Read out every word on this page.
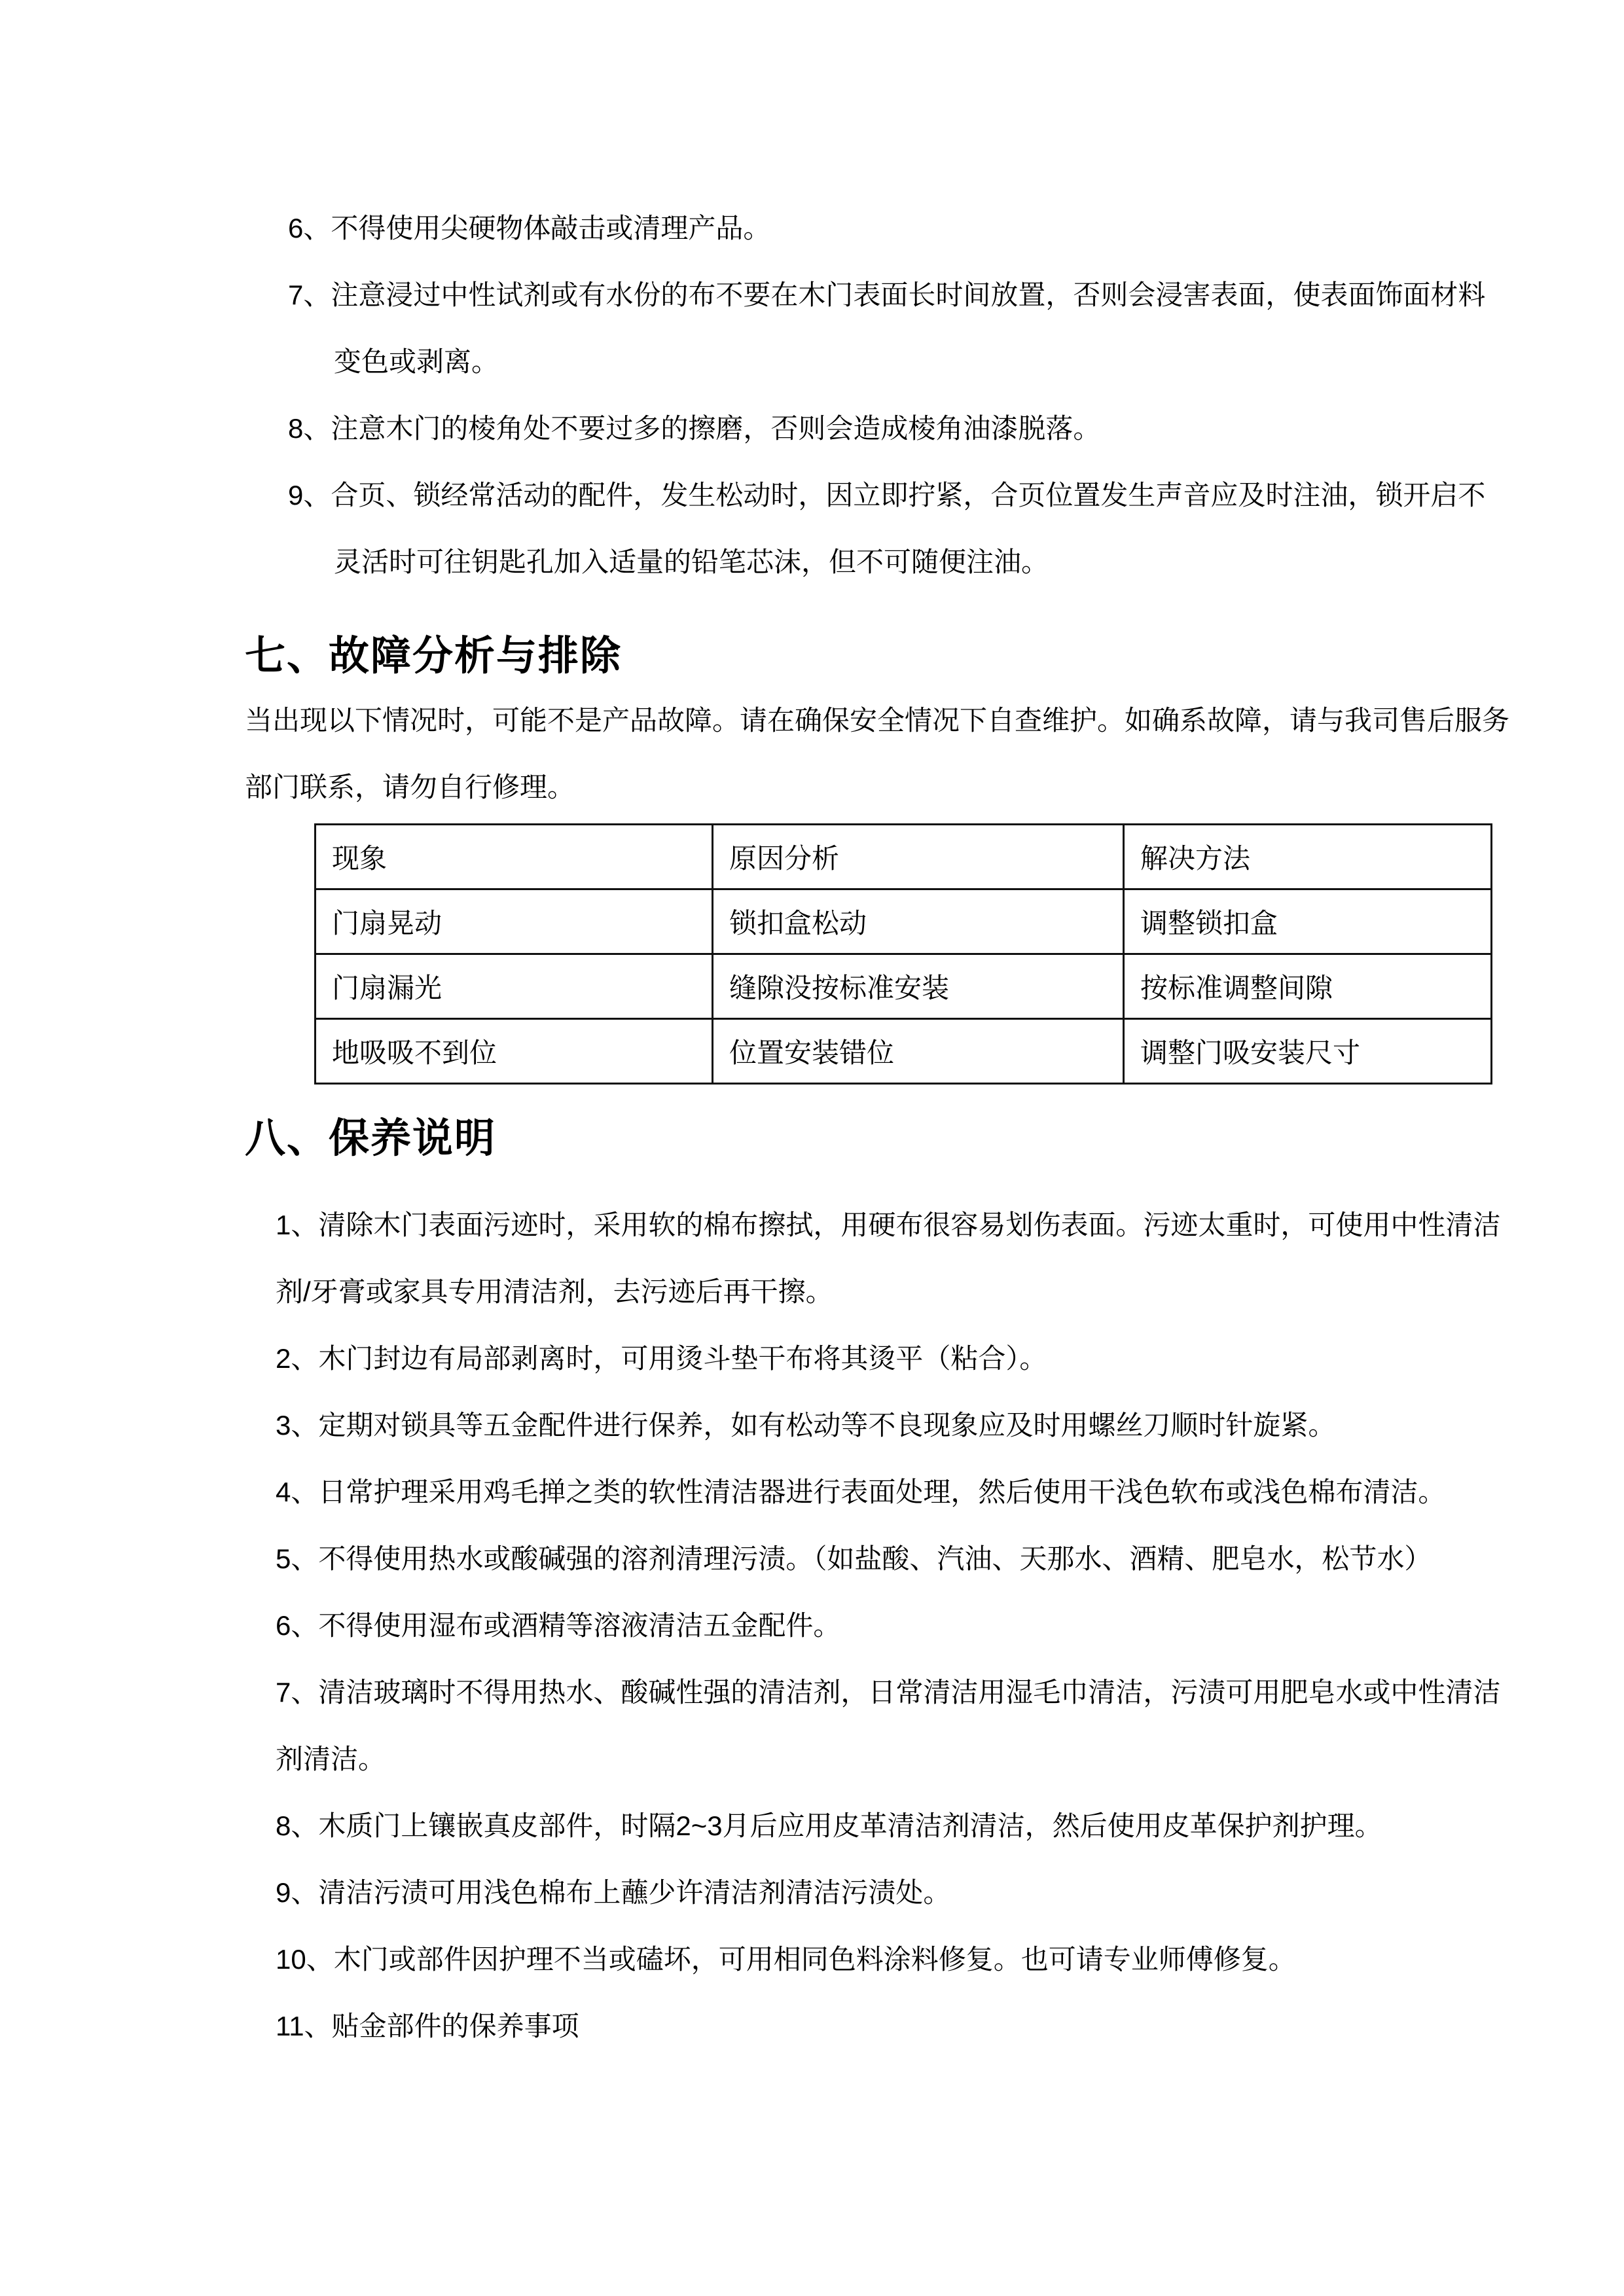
6、不得使用尖硬物体敲击或清理产品。
7、注意浸过中性试剂或有水份的布不要在木门表面长时间放置，否则会浸害表面，使表面饰面材料变色或剥离。
8、注意木门的棱角处不要过多的擦磨，否则会造成棱角油漆脱落。
9、合页、锁经常活动的配件，发生松动时，因立即拧紧，合页位置发生声音应及时注油，锁开启不灵活时可往钥匙孔加入适量的铅笔芯沫，但不可随便注油。
七、故障分析与排除

当出现以下情况时，可能不是产品故障。请在确保安全情况下自查维护。如确系故障，请与我司售后服务部门联系，请勿自行修理。

现象	原因分析	解决方法
门扇晃动	锁扣盒松动	调整锁扣盒
门扇漏光	缝隙没按标准安装	按标准调整间隙
地吸吸不到位	位置安装错位	调整门吸安装尺寸
八、保养说明
1、清除木门表面污迹时，采用软的棉布擦拭，用硬布很容易划伤表面。污迹太重时，可使用中性清洁剂/牙膏或家具专用清洁剂，去污迹后再干擦。
2、木门封边有局部剥离时，可用烫斗垫干布将其烫平（粘合）。
3、定期对锁具等五金配件进行保养，如有松动等不良现象应及时用螺丝刀顺时针旋紧。
4、日常护理采用鸡毛掸之类的软性清洁器进行表面处理，然后使用干浅色软布或浅色棉布清洁。
5、不得使用热水或酸碱强的溶剂清理污渍。（如盐酸、汽油、天那水、酒精、肥皂水，松节水）
6、不得使用湿布或酒精等溶液清洁五金配件。
7、清洁玻璃时不得用热水、酸碱性强的清洁剂，日常清洁用湿毛巾清洁，污渍可用肥皂水或中性清洁剂清洁。
8、木质门上镶嵌真皮部件，时隔2~3月后应用皮革清洁剂清洁，然后使用皮革保护剂护理。
9、清洁污渍可用浅色棉布上蘸少许清洁剂清洁污渍处。
10、木门或部件因护理不当或磕坏，可用相同色料涂料修复。也可请专业师傅修复。
11、贴金部件的保养事项
